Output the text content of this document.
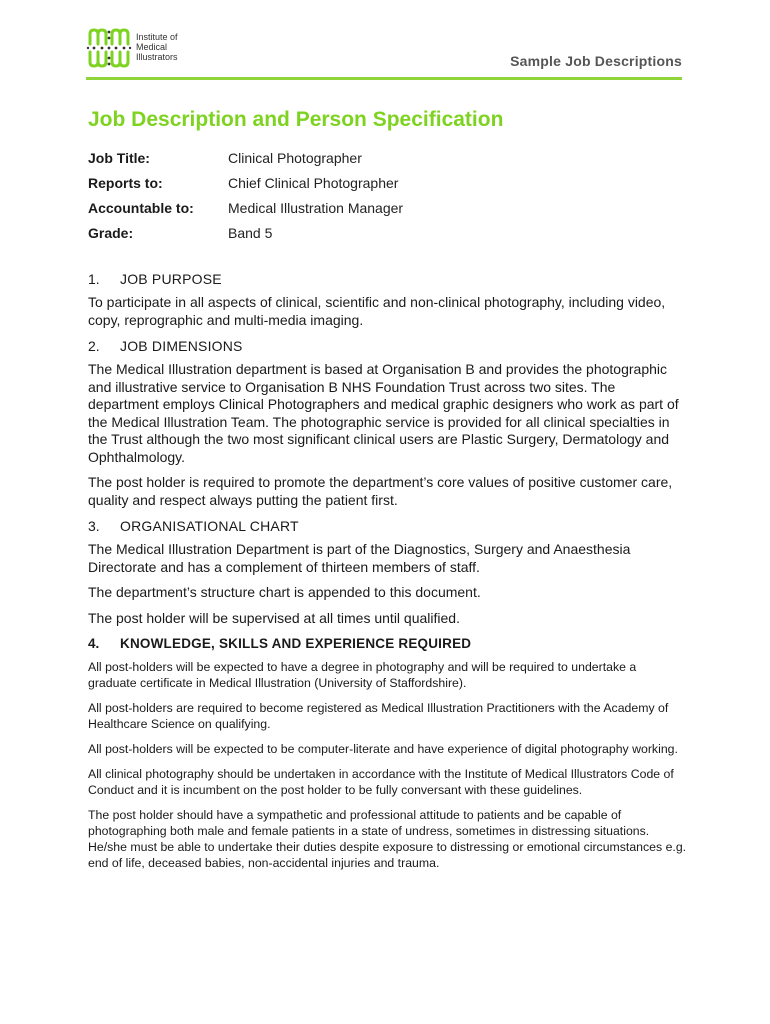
Institute of
Medical
Illustrators	Sample Job Descriptions
Job Description and Person Specification
Job Title:	Clinical Photographer
Reports to:	Chief Clinical Photographer
Accountable to:	Medical Illustration Manager
Grade:	Band 5
1.	JOB PURPOSE

To participate in all aspects of clinical, scientific and non-clinical photography, including video, copy, reprographic and multi-media imaging.

2.	JOB DIMENSIONS

The Medical Illustration department is based at Organisation B and provides the photographic and illustrative service to Organisation B NHS Foundation Trust across two sites. The department employs Clinical Photographers and medical graphic designers who work as part of the Medical Illustration Team. The photographic service is provided for all clinical specialties in the Trust although the two most significant clinical users are Plastic Surgery, Dermatology and Ophthalmology.

The post holder is required to promote the department’s core values of positive customer care, quality and respect always putting the patient first.

3.	ORGANISATIONAL CHART

The Medical Illustration Department is part of the Diagnostics, Surgery and Anaesthesia Directorate and has a complement of thirteen members of staff.

The department’s structure chart is appended to this document.

The post holder will be supervised at all times until qualified.

4.	KNOWLEDGE, SKILLS AND EXPERIENCE REQUIRED

All post-holders will be expected to have a degree in photography and will be required to undertake a graduate certificate in Medical Illustration (University of Staffordshire).

All post-holders are required to become registered as Medical Illustration Practitioners with the Academy of Healthcare Science on qualifying.

All post-holders will be expected to be computer-literate and have experience of digital photography working.

All clinical photography should be undertaken in accordance with the Institute of Medical Illustrators Code of Conduct and it is incumbent on the post holder to be fully conversant with these guidelines.

The post holder should have a sympathetic and professional attitude to patients and be capable of photographing both male and female patients in a state of undress, sometimes in distressing situations. He/she must be able to undertake their duties despite exposure to distressing or emotional circumstances e.g. end of life, deceased babies, non-accidental injuries and trauma.
